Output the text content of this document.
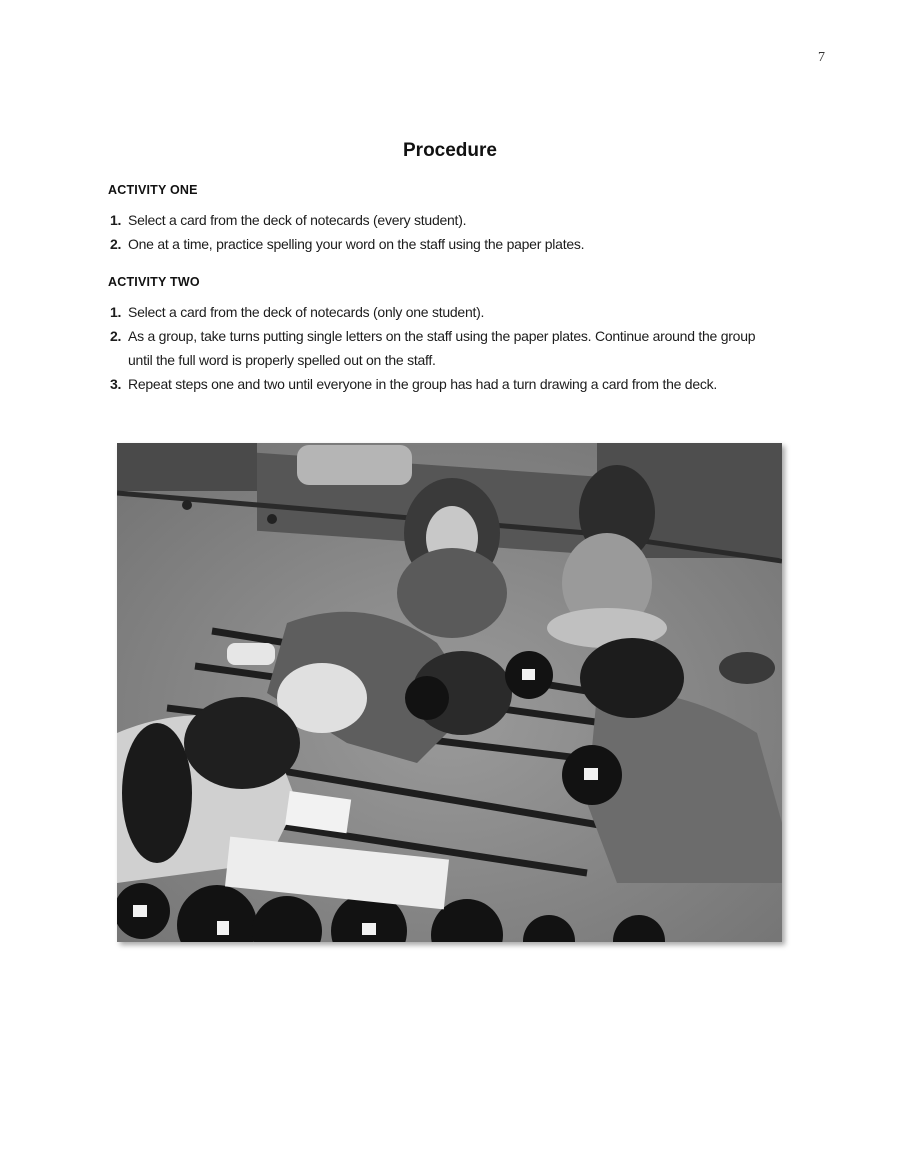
7
Procedure
ACTIVITY ONE
1. Select a card from the deck of notecards (every student).
2. One at a time, practice spelling your word on the staff using the paper plates.
ACTIVITY TWO
1. Select a card from the deck of notecards (only one student).
2. As a group, take turns putting single letters on the staff using the paper plates. Continue around the group until the full word is properly spelled out on the staff.
3. Repeat steps one and two until everyone in the group has had a turn drawing a card from the deck.
